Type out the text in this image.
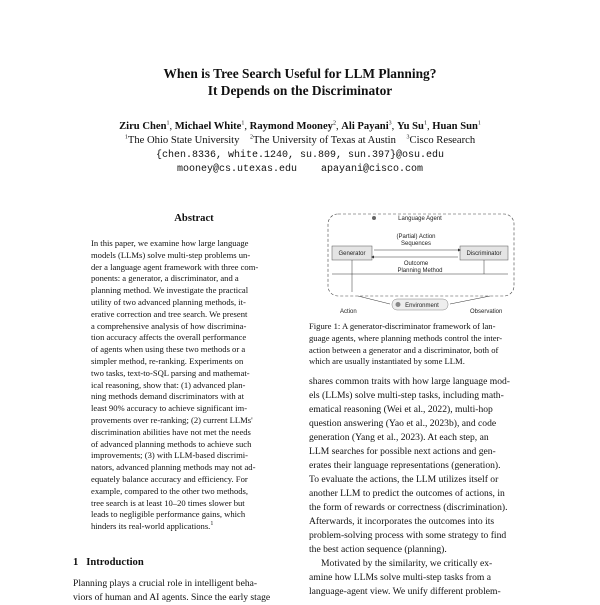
When is Tree Search Useful for LLM Planning?
It Depends on the Discriminator
Ziru Chen$^1$, Michael White$^1$, Raymond Mooney$^2$, Ali Payani$^3$, Yu Su$^1$, Huan Sun$^1$
$^1$The Ohio State University $^2$The University of Texas at Austin $^3$Cisco Research
{chen.8336, white.1240, su.809, sun.397}@osu.edu
mooney@cs.utexas.edu    apayani@cisco.com
Abstract
In this paper, we examine how large language
models (LLMs) solve multi-step problems un-
der a language agent framework with three com-
ponents: a generator, a discriminator, and a
planning method. We investigate the practical
utility of two advanced planning methods, it-
erative correction and tree search. We present
a comprehensive analysis of how discrimina-
tion accuracy affects the overall performance
of agents when using these two methods or a
simpler method, re-ranking. Experiments on
two tasks, text-to-SQL parsing and mathemat-
ical reasoning, show that: (1) advanced plan-
ning methods demand discriminators with at
least 90% accuracy to achieve significant im-
provements over re-ranking; (2) current LLMs'
discrimination abilities have not met the needs
of advanced planning methods to achieve such
improvements; (3) with LLM-based discrimi-
nators, advanced planning methods may not ad-
equately balance accuracy and efficiency. For
example, compared to the other two methods,
tree search is at least 10–20 times slower but
leads to negligible performance gains, which
hinders its real-world applications.$^1$
1 Introduction
Planning plays a crucial role in intelligent beha-
viors of human and AI agents. Since the early stage
Language Agent
Generator	Discriminator
(Partial) Action
Sequences
Outcome
Planning Method
Environment
Action	Observation
Figure 1: A generator-discriminator framework of lan-
guage agents, where planning methods control the inter-
action between a generator and a discriminator, both of
which are usually instantiated by some LLM.
shares common traits with how large language mod-
els (LLMs) solve multi-step tasks, including math-
ematical reasoning (Wei et al., 2022), multi-hop
question answering (Yao et al., 2023b), and code
generation (Yang et al., 2023). At each step, an
LLM searches for possible next actions and gen-
erates their language representations (generation).
To evaluate the actions, the LLM utilizes itself or
another LLM to predict the outcomes of actions, in
the form of rewards or correctness (discrimination).
Afterwards, it incorporates the outcomes into its
problem-solving process with some strategy to find
the best action sequence (planning).
Motivated by the similarity, we critically ex-
amine how LLMs solve multi-step tasks from a
language-agent view. We unify different problem-
